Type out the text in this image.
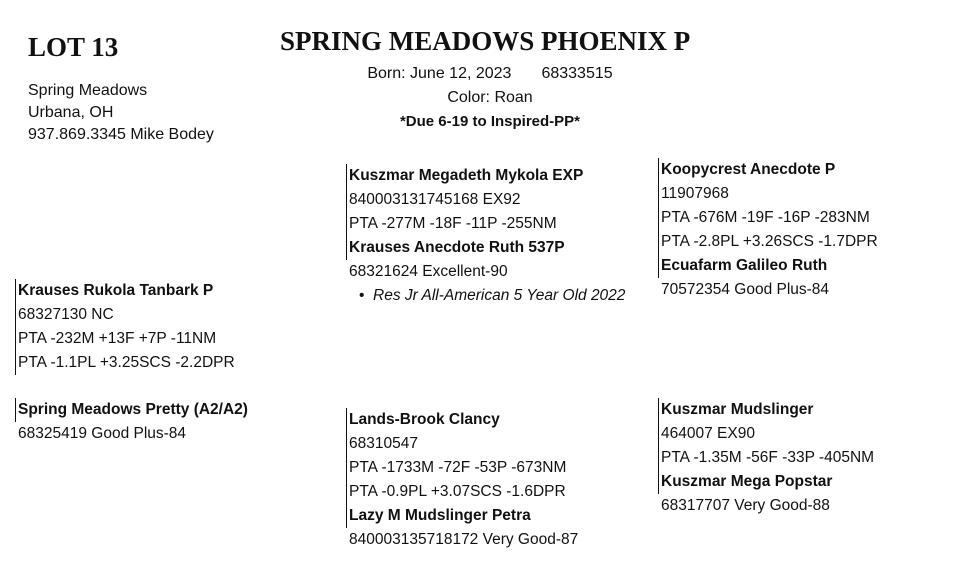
LOT 13
Spring Meadows
Urbana, OH
937.869.3345 Mike Bodey
SPRING MEADOWS PHOENIX P
Born: June 12, 2023 68333515
Color: Roan
*Due 6-19 to Inspired-PP*
Krauses Rukola Tanbark P
68327130 NC
PTA -232M +13F +7P -11NM
PTA -1.1PL +3.25SCS -2.2DPR
Spring Meadows Pretty (A2/A2)
68325419 Good Plus-84
Kuszmar Megadeth Mykola EXP
840003131745168 EX92
PTA -277M -18F -11P -255NM
Krauses Anecdote Ruth 537P
68321624 Excellent-90
• Res Jr All-American 5 Year Old 2022
Lands-Brook Clancy
68310547
PTA -1733M -72F -53P -673NM
PTA -0.9PL +3.07SCS -1.6DPR
Lazy M Mudslinger Petra
840003135718172 Very Good-87
Koopycrest Anecdote P
11907968
PTA -676M -19F -16P -283NM
PTA -2.8PL +3.26SCS -1.7DPR
Ecuafarm Galileo Ruth
70572354 Good Plus-84
Kuszmar Mudslinger
464007 EX90
PTA -1.35M -56F -33P -405NM
Kuszmar Mega Popstar
68317707 Very Good-88
